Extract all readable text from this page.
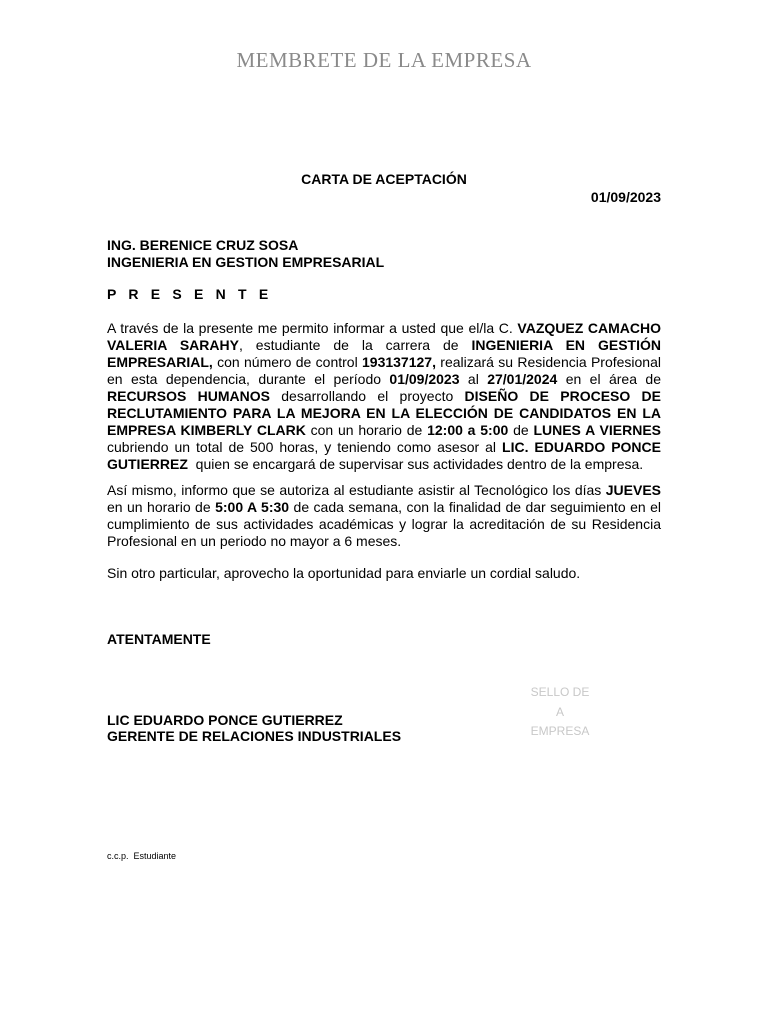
MEMBRETE DE LA EMPRESA
CARTA DE ACEPTACIÓN
01/09/2023
ING. BERENICE CRUZ SOSA
INGENIERIA EN GESTION EMPRESARIAL
P R E S E N T E
A través de la presente me permito informar a usted que el/la C. VAZQUEZ CAMACHO VALERIA SARAHY, estudiante de la carrera de INGENIERIA EN GESTIÓN EMPRESARIAL, con número de control 193137127, realizará su Residencia Profesional en esta dependencia, durante el período 01/09/2023 al 27/01/2024 en el área de RECURSOS HUMANOS desarrollando el proyecto DISEÑO DE PROCESO DE RECLUTAMIENTO PARA LA MEJORA EN LA ELECCIÓN DE CANDIDATOS EN LA EMPRESA KIMBERLY CLARK con un horario de 12:00 a 5:00 de LUNES A VIERNES cubriendo un total de 500 horas, y teniendo como asesor al LIC. EDUARDO PONCE GUTIERREZ  quien se encargará de supervisar sus actividades dentro de la empresa.
Así mismo, informo que se autoriza al estudiante asistir al Tecnológico los días JUEVES en un horario de 5:00 A 5:30 de cada semana, con la finalidad de dar seguimiento en el cumplimiento de sus actividades académicas y lograr la acreditación de su Residencia Profesional en un periodo no mayor a 6 meses.
Sin otro particular, aprovecho la oportunidad para enviarle un cordial saludo.
ATENTAMENTE
LIC EDUARDO PONCE GUTIERREZ
GERENTE DE RELACIONES INDUSTRIALES
SELLO DE
A
EMPRESA
c.c.p.  Estudiante
